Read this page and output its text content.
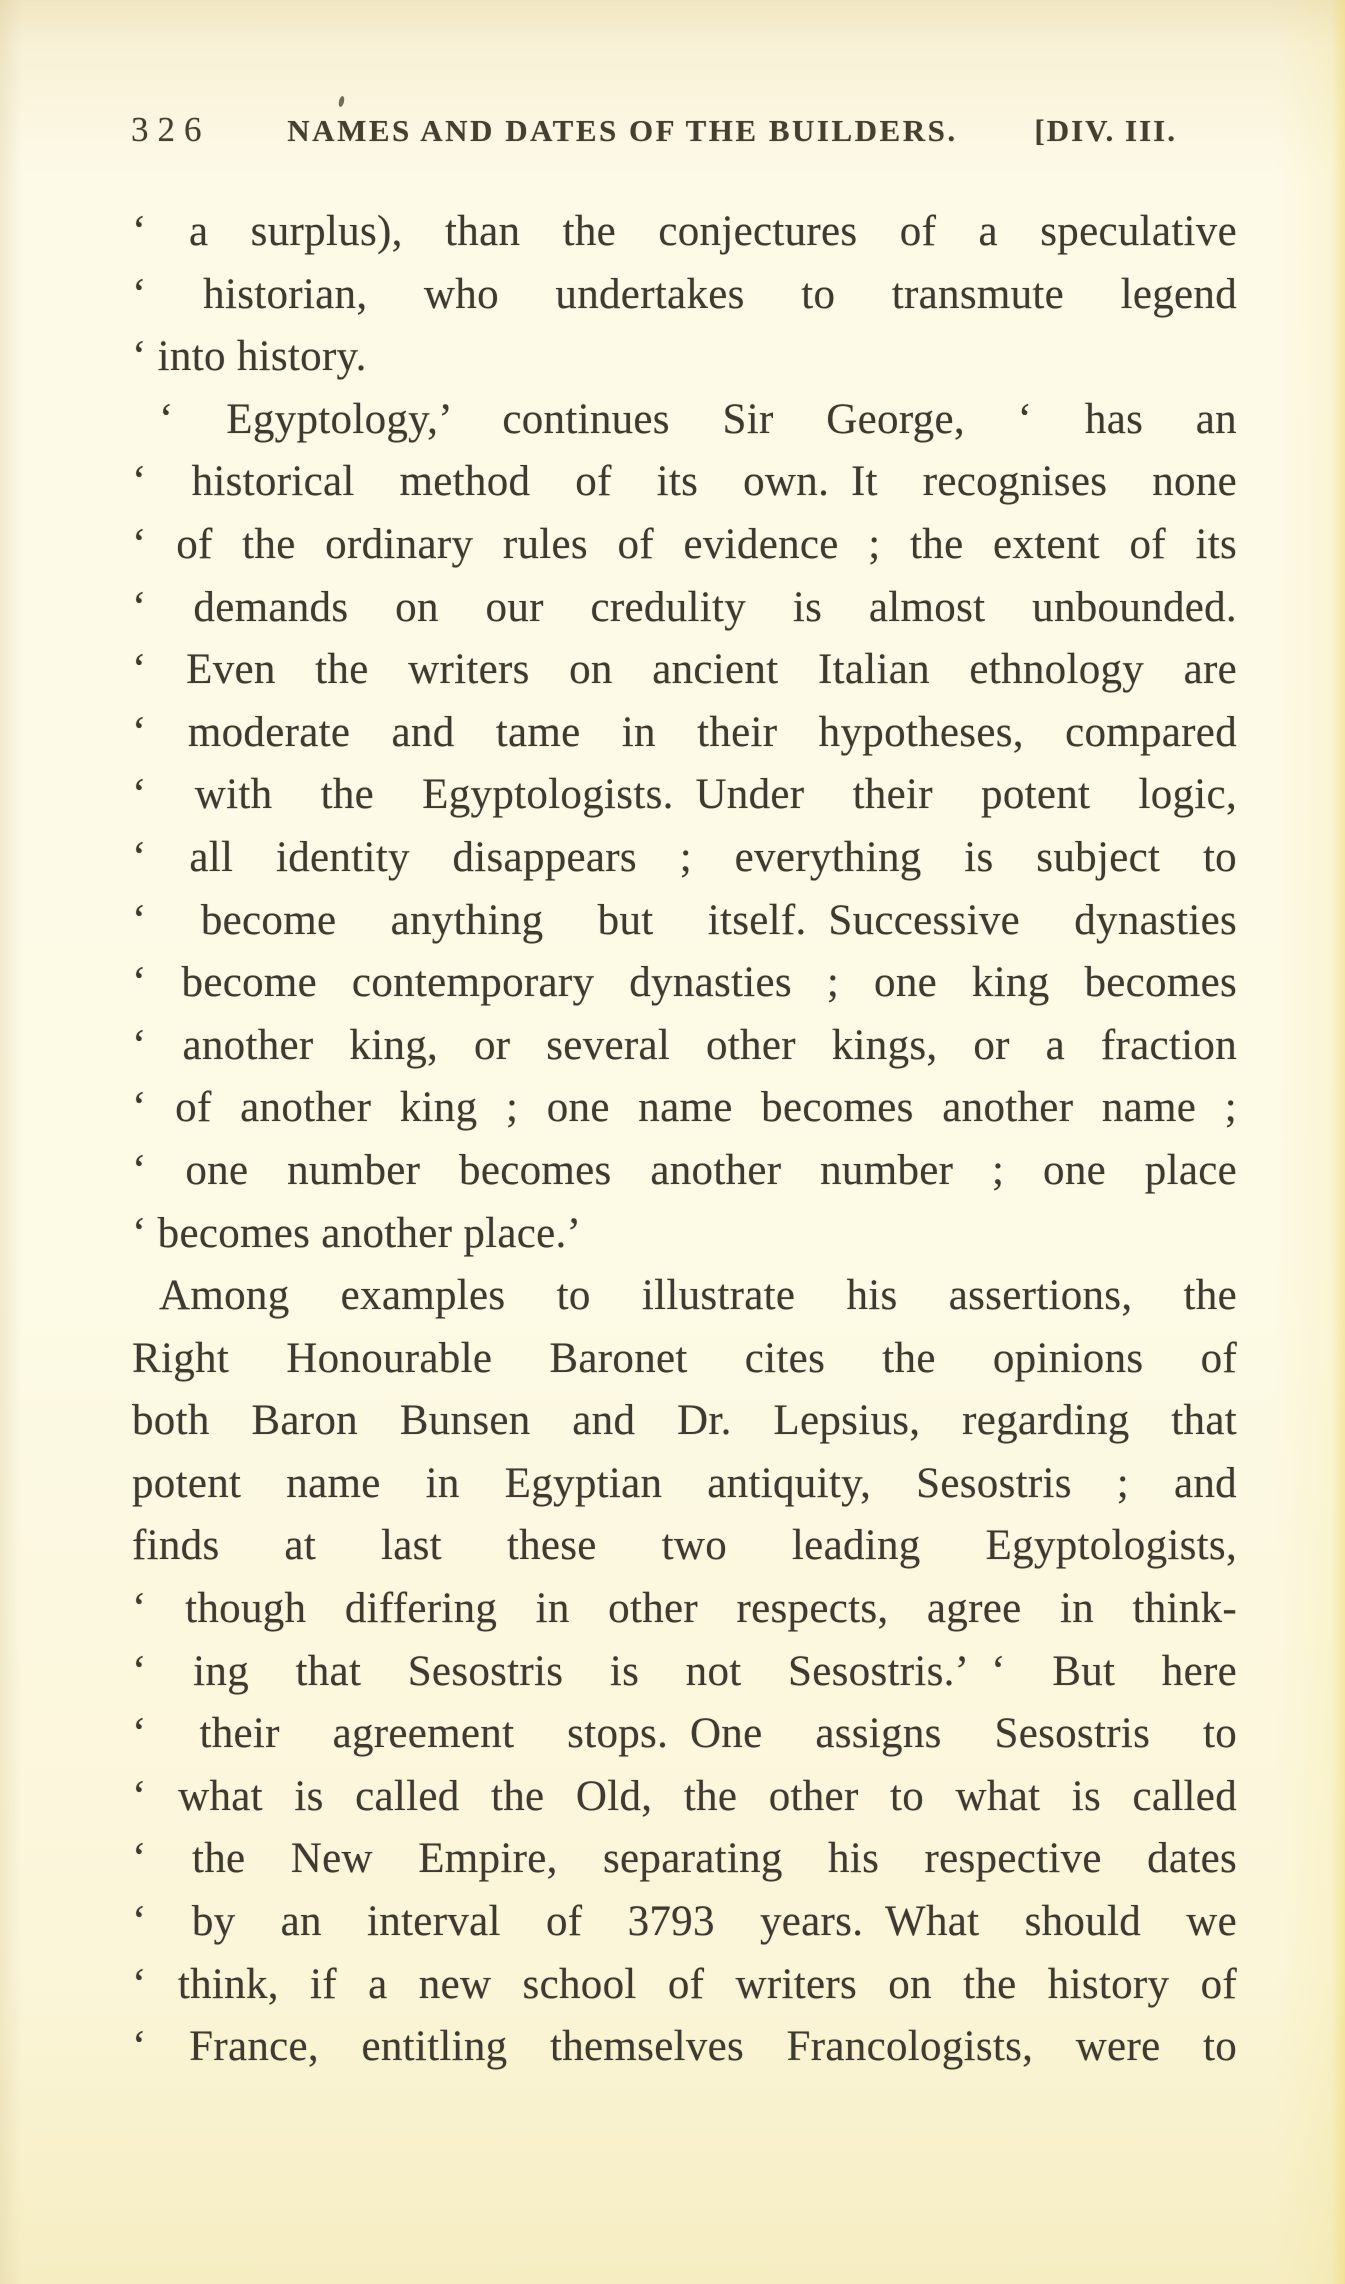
326	NAMES AND DATES OF THE BUILDERS.	[DIV. III.
‘ a surplus), than the conjectures of a speculative
‘ historian, who undertakes to transmute legend
‘ into history.
‘ Egyptology,’ continues Sir George, ‘ has an
‘ historical method of its own. It recognises none
‘ of the ordinary rules of evidence ; the extent of its
‘ demands on our credulity is almost unbounded.
‘ Even the writers on ancient Italian ethnology are
‘ moderate and tame in their hypotheses, compared
‘ with the Egyptologists. Under their potent logic,
‘ all identity disappears ; everything is subject to
‘ become anything but itself. Successive dynasties
‘ become contemporary dynasties ; one king becomes
‘ another king, or several other kings, or a fraction
‘ of another king ; one name becomes another name ;
‘ one number becomes another number ; one place
‘ becomes another place.’
Among examples to illustrate his assertions, the
Right Honourable Baronet cites the opinions of
both Baron Bunsen and Dr. Lepsius, regarding that
potent name in Egyptian antiquity, Sesostris ; and
finds at last these two leading Egyptologists,
‘ though differing in other respects, agree in think-
‘ ing that Sesostris is not Sesostris.’ ‘ But here
‘ their agreement stops. One assigns Sesostris to
‘ what is called the Old, the other to what is called
‘ the New Empire, separating his respective dates
‘ by an interval of 3793 years. What should we
‘ think, if a new school of writers on the history of
‘ France, entitling themselves Francologists, were to
